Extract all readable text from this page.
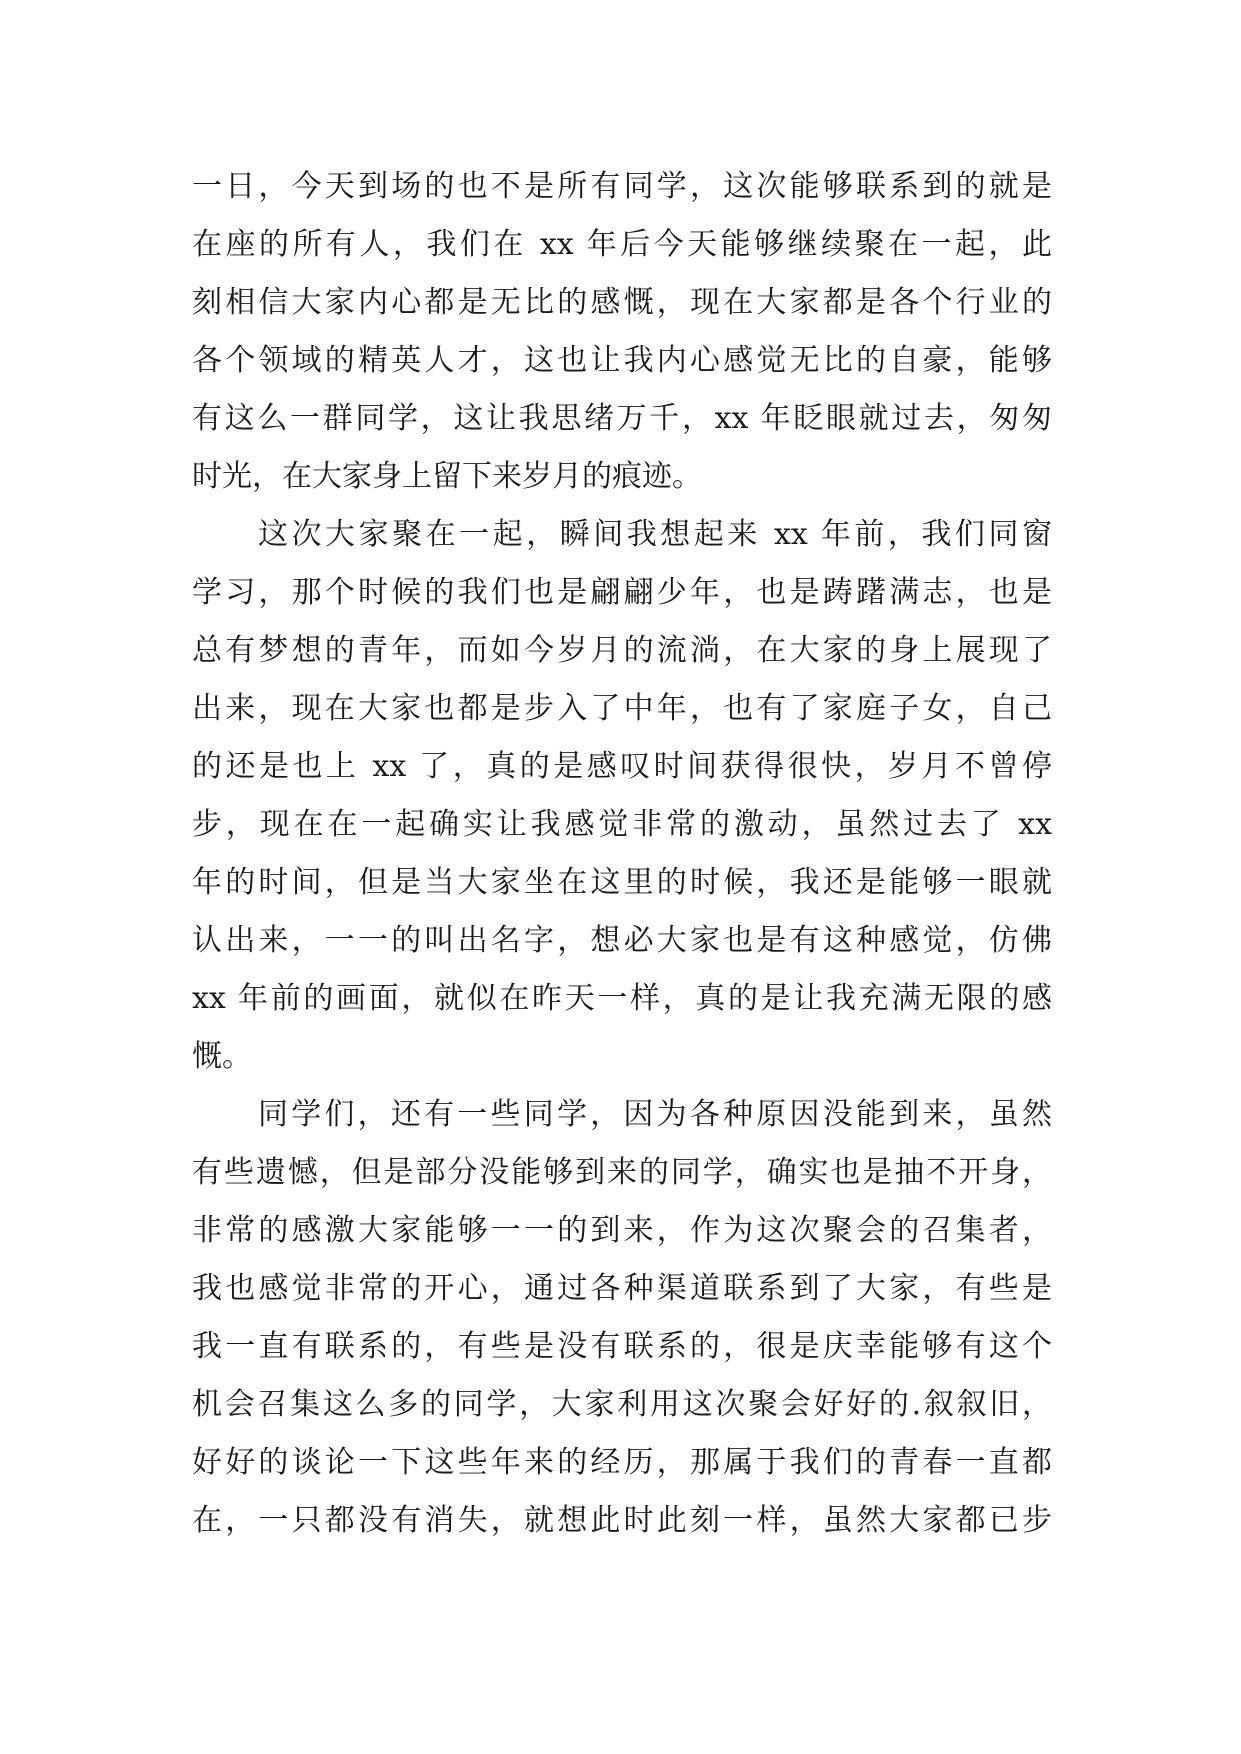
一日，今天到场的也不是所有同学，这次能够联系到的就是
在座的所有人，我们在 xx 年后今天能够继续聚在一起，此
刻相信大家内心都是无比的感慨，现在大家都是各个行业的
各个领域的精英人才，这也让我内心感觉无比的自豪，能够
有这么一群同学，这让我思绪万千，xx 年眨眼就过去，匆匆
时光，在大家身上留下来岁月的痕迹。
这次大家聚在一起，瞬间我想起来 xx 年前，我们同窗
学习，那个时候的我们也是翩翩少年，也是踌躇满志，也是
总有梦想的青年，而如今岁月的流淌，在大家的身上展现了
出来，现在大家也都是步入了中年，也有了家庭子女，自己
的还是也上 xx 了，真的是感叹时间获得很快，岁月不曾停
步，现在在一起确实让我感觉非常的激动，虽然过去了 xx
年的时间，但是当大家坐在这里的时候，我还是能够一眼就
认出来，一一的叫出名字，想必大家也是有这种感觉，仿佛
xx 年前的画面，就似在昨天一样，真的是让我充满无限的感
慨。
同学们，还有一些同学，因为各种原因没能到来，虽然
有些遗憾，但是部分没能够到来的同学，确实也是抽不开身，
非常的感激大家能够一一的到来，作为这次聚会的召集者，
我也感觉非常的开心，通过各种渠道联系到了大家，有些是
我一直有联系的，有些是没有联系的，很是庆幸能够有这个
机会召集这么多的同学，大家利用这次聚会好好的.叙叙旧，
好好的谈论一下这些年来的经历，那属于我们的青春一直都
在，一只都没有消失，就想此时此刻一样，虽然大家都已步
